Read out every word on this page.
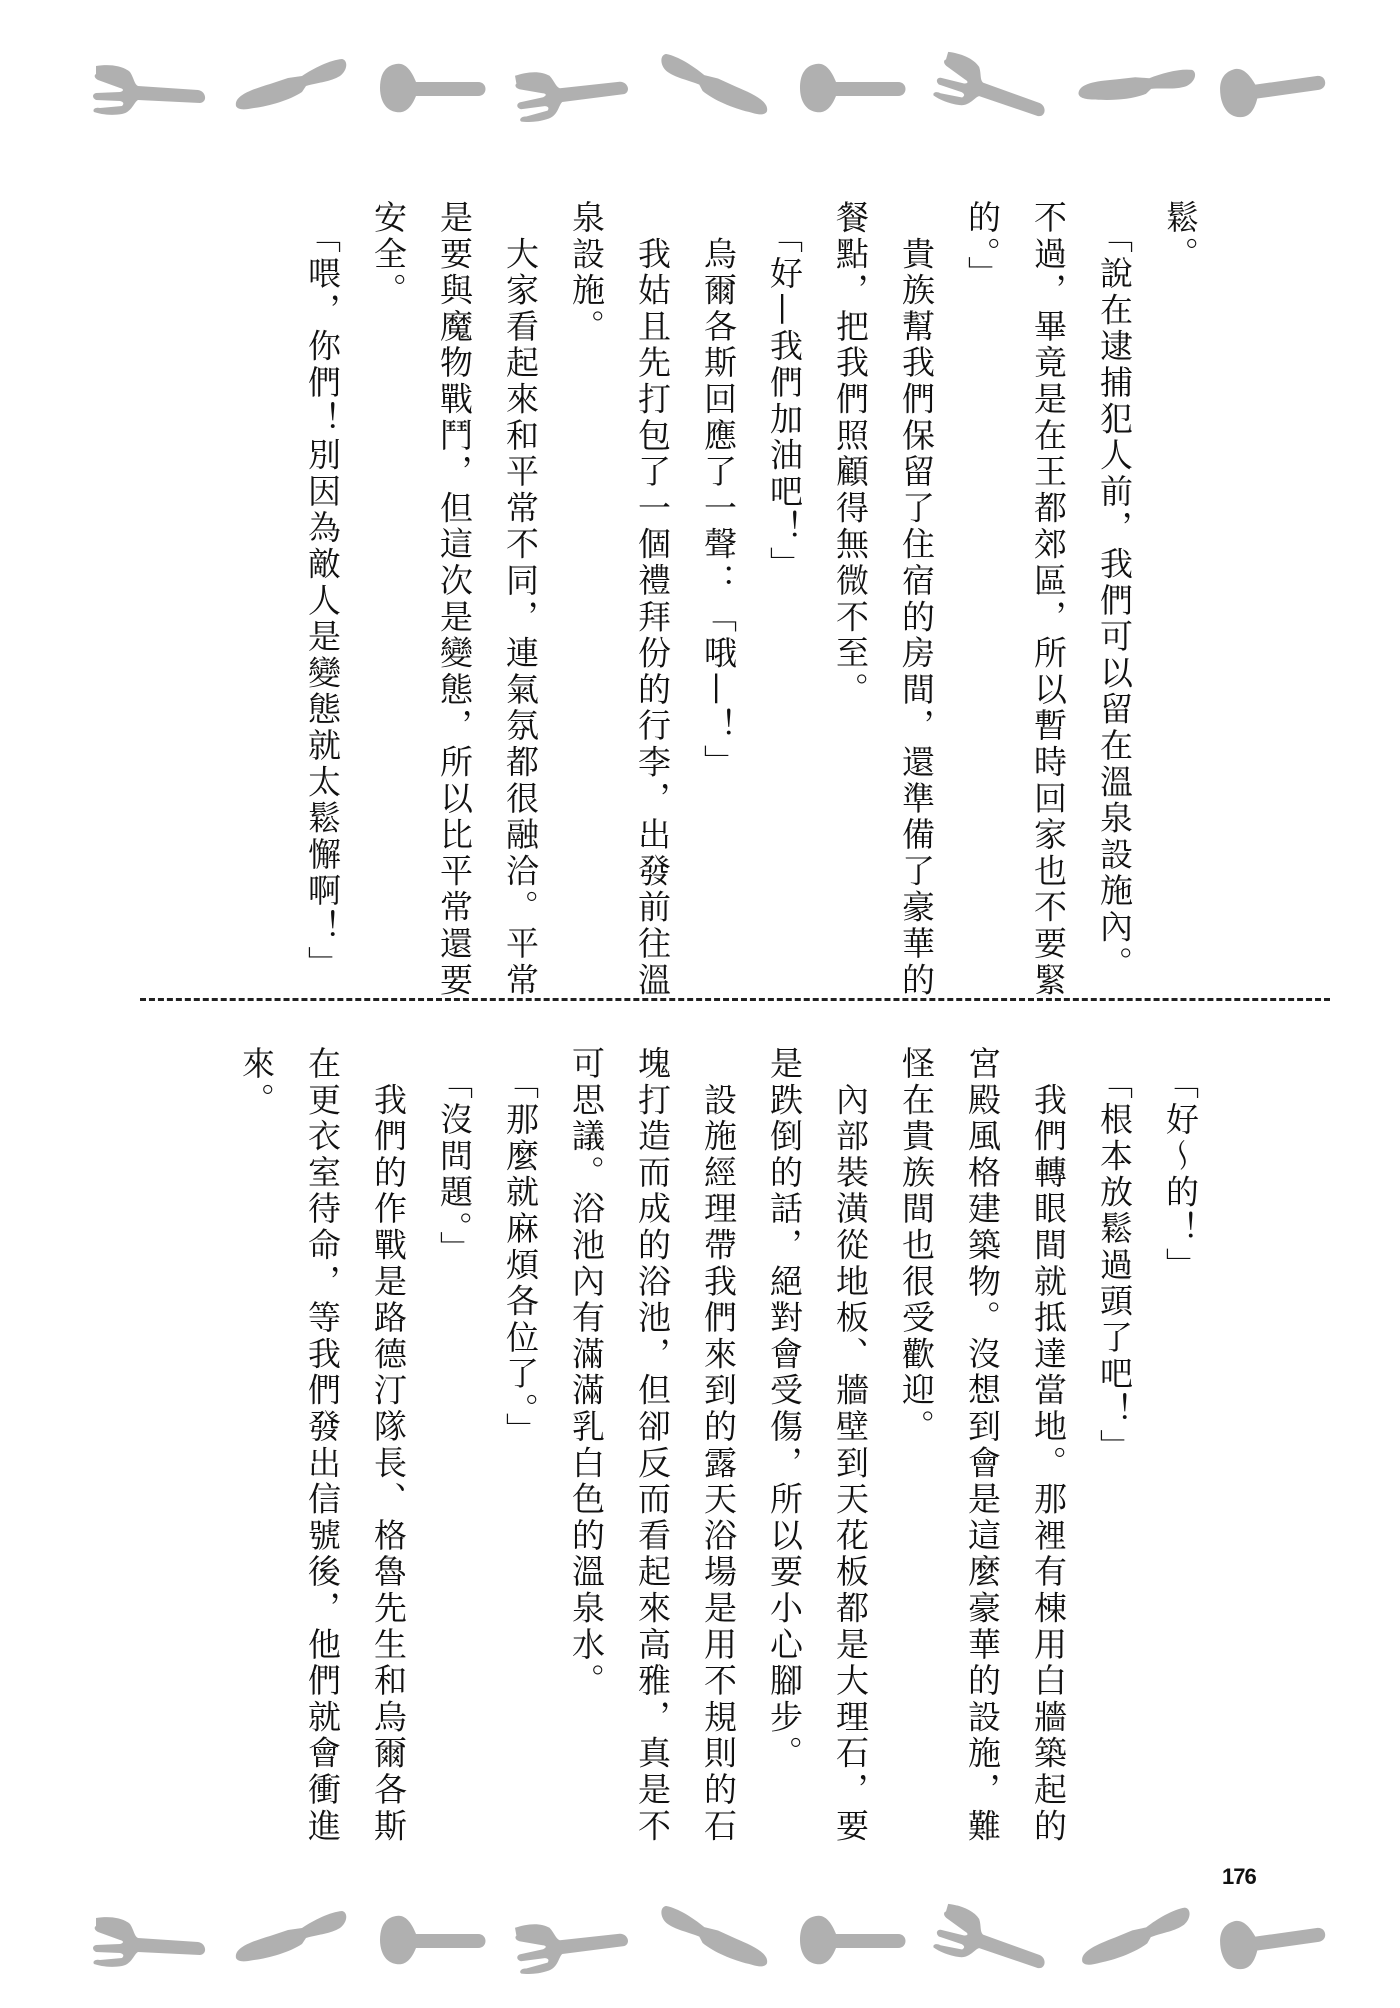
鬆。
　「說在逮捕犯人前，我們可以留在溫泉設施內。
不過，畢竟是在王都郊區，所以暫時回家也不要緊
的。」
　貴族幫我們保留了住宿的房間，還準備了豪華的
餐點，把我們照顧得無微不至。
　「好—我們加油吧！」
　烏爾各斯回應了一聲：「哦—！」
　我姑且先打包了一個禮拜份的行李，出發前往溫
泉設施。
　大家看起來和平常不同，連氣氛都很融洽。平常
是要與魔物戰鬥，但這次是變態，所以比平常還要
安全。
　「喂，你們！別因為敵人是變態就太鬆懈啊！」
　「好～的！」
　「根本放鬆過頭了吧！」
　我們轉眼間就抵達當地。那裡有棟用白牆築起的
宮殿風格建築物。沒想到會是這麼豪華的設施，難
怪在貴族間也很受歡迎。
　內部裝潢從地板、牆壁到天花板都是大理石，要
是跌倒的話，絕對會受傷，所以要小心腳步。
　設施經理帶我們來到的露天浴場是用不規則的石
塊打造而成的浴池，但卻反而看起來高雅，真是不
可思議。浴池內有滿滿乳白色的溫泉水。
　「那麼就麻煩各位了。」
　「沒問題。」
　我們的作戰是路德汀隊長、格魯先生和烏爾各斯
在更衣室待命，等我們發出信號後，他們就會衝進
來。
176
